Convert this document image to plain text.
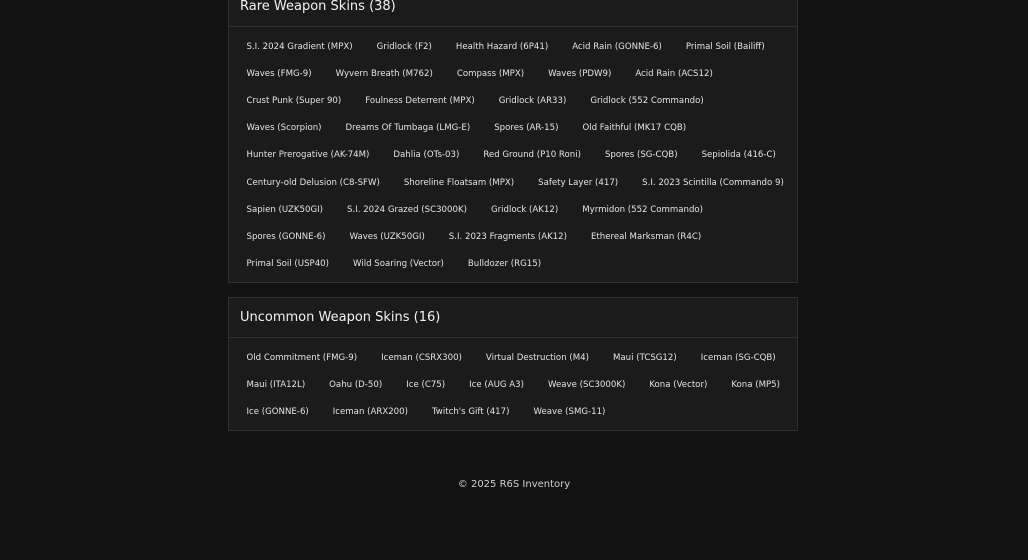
Rare Weapon Skins (38)
S.I. 2024 Gradient (MPX)	Gridlock (F2)	Health Hazard (6P41)	Acid Rain (GONNE-6)	Primal Soil (Bailiff)
Waves (FMG-9)	Wyvern Breath (M762)	Compass (MPX)	Waves (PDW9)	Acid Rain (ACS12)
Crust Punk (Super 90)	Foulness Deterrent (MPX)	Gridlock (AR33)	Gridlock (552 Commando)
Waves (Scorpion)	Dreams Of Tumbaga (LMG-E)	Spores (AR-15)	Old Faithful (MK17 CQB)
Hunter Prerogative (AK-74M)	Dahlia (OTs-03)	Red Ground (P10 Roni)	Spores (SG-CQB)	Sepiolida (416-C)
Century-old Delusion (C8-SFW)	Shoreline Floatsam (MPX)	Safety Layer (417)	S.I. 2023 Scintilla (Commando 9)
Sapien (UZK50GI)	S.I. 2024 Grazed (SC3000K)	Gridlock (AK12)	Myrmidon (552 Commando)
Spores (GONNE-6)	Waves (UZK50GI)	S.I. 2023 Fragments (AK12)	Ethereal Marksman (R4C)
Primal Soil (USP40)	Wild Soaring (Vector)	Bulldozer (RG15)
Uncommon Weapon Skins (16)
Old Commitment (FMG-9)	Iceman (CSRX300)	Virtual Destruction (M4)	Maui (TCSG12)	Iceman (SG-CQB)
Maui (ITA12L)	Oahu (D-50)	Ice (C75)	Ice (AUG A3)	Weave (SC3000K)	Kona (Vector)	Kona (MP5)
Ice (GONNE-6)	Iceman (ARX200)	Twitch's Gift (417)	Weave (SMG-11)
© 2025 R6S Inventory
